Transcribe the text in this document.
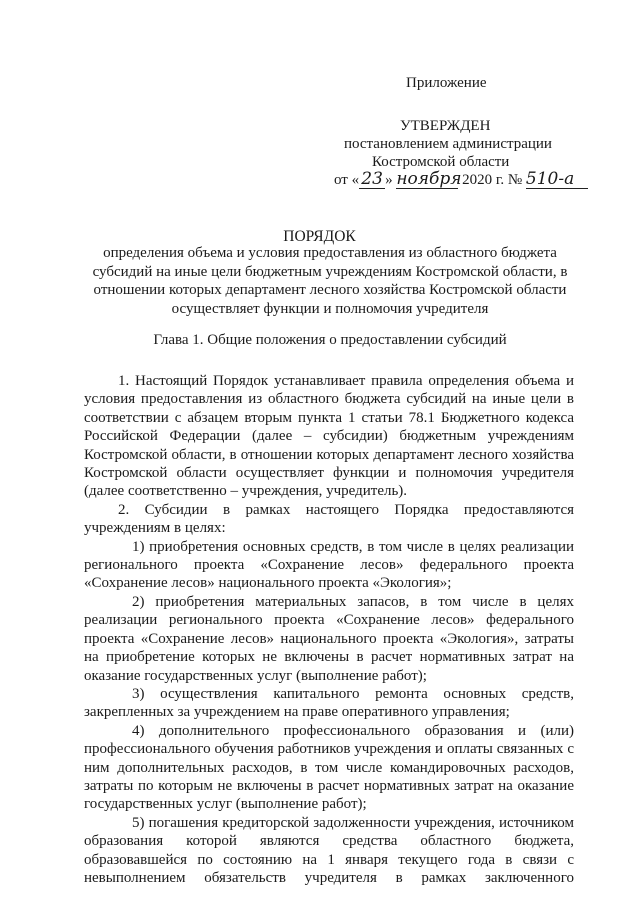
Приложение
УТВЕРЖДЕН
постановлением администрации
Костромской области
от « 23 » ноября 2020 г. № 510-а
ПОРЯДОК
определения объема и условия предоставления из областного бюджета
субсидий на иные цели бюджетным учреждениям Костромской области, в
отношении которых департамент лесного хозяйства Костромской области
осуществляет функции и полномочия учредителя
Глава 1. Общие положения о предоставлении субсидий

1. Настоящий Порядок устанавливает правила определения объема и условия предоставления из областного бюджета субсидий на иные цели в соответствии с абзацем вторым пункта 1 статьи 78.1 Бюджетного кодекса Российской Федерации (далее – субсидии) бюджетным учреждениям Костромской области, в отношении которых департамент лесного хозяйства Костромской области осуществляет функции и полномочия учредителя (далее соответственно – учреждения, учредитель).

2. Субсидии в рамках настоящего Порядка предоставляются учреждениям в целях:

1) приобретения основных средств, в том числе в целях реализации регионального проекта «Сохранение лесов» федерального проекта «Сохранение лесов» национального проекта «Экология»;

2) приобретения материальных запасов, в том числе в целях реализации регионального проекта «Сохранение лесов» федерального проекта «Сохранение лесов» национального проекта «Экология», затраты на приобретение которых не включены в расчет нормативных затрат на оказание государственных услуг (выполнение работ);

3) осуществления капитального ремонта основных средств, закрепленных за учреждением на праве оперативного управления;

4) дополнительного профессионального образования и (или) профессионального обучения работников учреждения и оплаты связанных с ним дополнительных расходов, в том числе командировочных расходов, затраты по которым не включены в расчет нормативных затрат на оказание государственных услуг (выполнение работ);

5) погашения кредиторской задолженности учреждения, источником образования которой являются средства областного бюджета, образовавшейся по состоянию на 1 января текущего года в связи с невыполнением обязательств учредителя в рамках заключенного
